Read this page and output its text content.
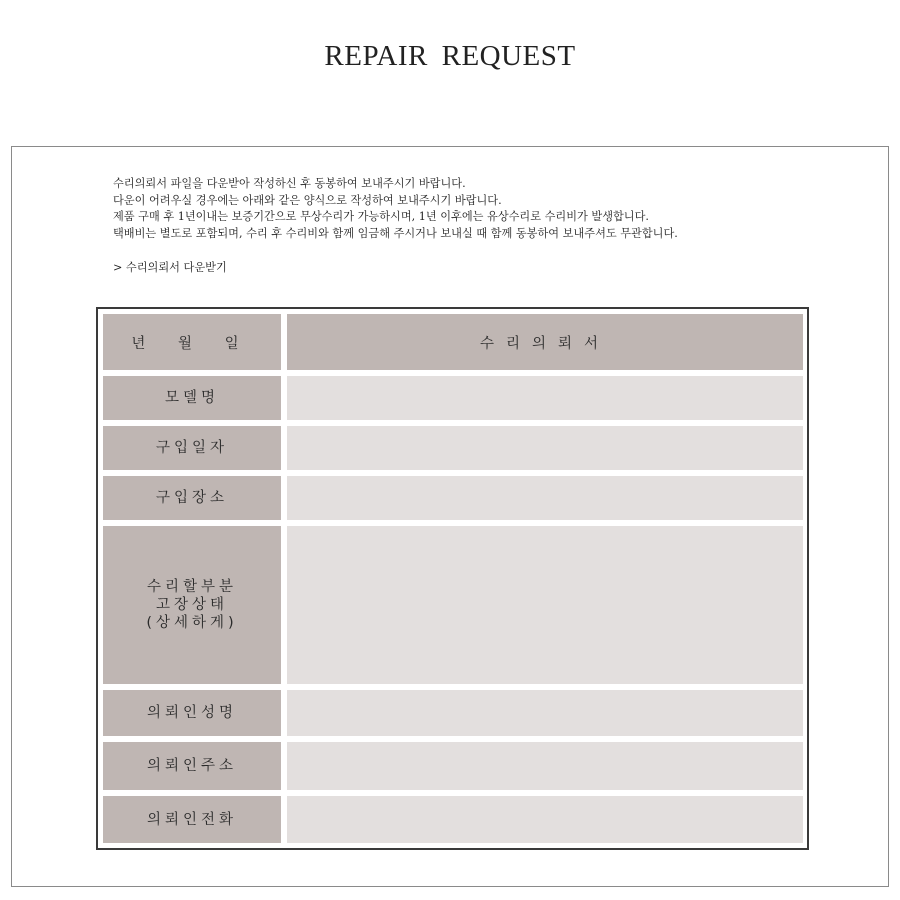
REPAIR REQUEST
수리의뢰서 파일을 다운받아 작성하신 후 동봉하여 보내주시기 바랍니다.
다운이 어려우실 경우에는 아래와 같은 양식으로 작성하여 보내주시기 바랍니다.
제품 구매 후 1년이내는 보증기간으로 무상수리가 가능하시며, 1년 이후에는 유상수리로 수리비가 발생합니다.
택배비는 별도로 포함되며, 수리 후 수리비와 함께 임금해 주시거나 보내실 때 함께 동봉하여 보내주셔도 무관합니다.
> 수리의뢰서 다운받기
년 월 일	수리의뢰서
모델명
구입일자
구입장소
수리할부분
고장상태
(상세하게)
의뢰인성명
의뢰인주소
의뢰인전화
